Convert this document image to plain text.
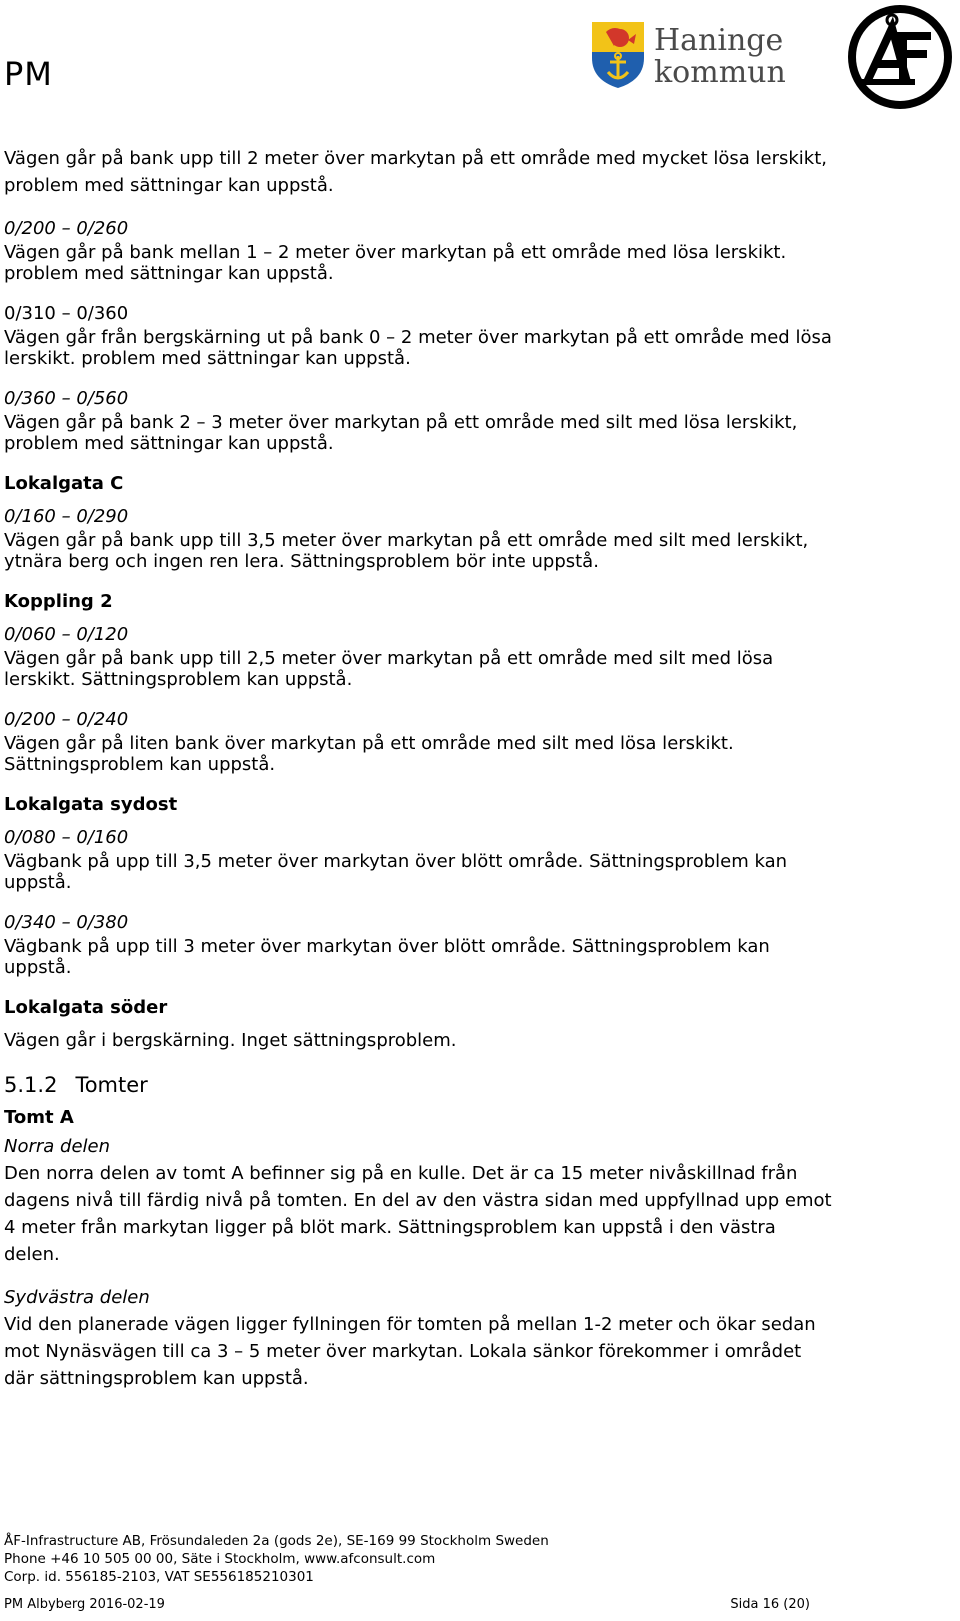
PM
Haninge
kommun

Vägen går på bank upp till 2 meter över markytan på ett område med mycket lösa lerskikt, problem med sättningar kan uppstå.

0/200 – 0/260
Vägen går på bank mellan 1 – 2 meter över markytan på ett område med lösa lerskikt. problem med sättningar kan uppstå.
0/310 – 0/360
Vägen går från bergskärning ut på bank 0 – 2 meter över markytan på ett område med lösa lerskikt. problem med sättningar kan uppstå.
0/360 – 0/560
Vägen går på bank 2 – 3 meter över markytan på ett område med silt med lösa lerskikt, problem med sättningar kan uppstå.
Lokalgata C
0/160 – 0/290
Vägen går på bank upp till 3,5 meter över markytan på ett område med silt med lerskikt, ytnära berg och ingen ren lera. Sättningsproblem bör inte uppstå.
Koppling 2
0/060 – 0/120
Vägen går på bank upp till 2,5 meter över markytan på ett område med silt med lösa lerskikt. Sättningsproblem kan uppstå.
0/200 – 0/240
Vägen går på liten bank över markytan på ett område med silt med lösa lerskikt. Sättningsproblem kan uppstå.
Lokalgata sydost
0/080 – 0/160
Vägbank på upp till 3,5 meter över markytan över blött område. Sättningsproblem kan uppstå.
0/340 – 0/380
Vägbank på upp till 3 meter över markytan över blött område. Sättningsproblem kan uppstå.
Lokalgata söder

Vägen går i bergskärning. Inget sättningsproblem.

5.1.2 Tomter
Tomt A
Norra delen

Den norra delen av tomt A befinner sig på en kulle. Det är ca 15 meter nivåskillnad från dagens nivå till färdig nivå på tomten. En del av den västra sidan med uppfyllnad upp emot 4 meter från markytan ligger på blöt mark. Sättningsproblem kan uppstå i den västra delen.

Sydvästra delen

Vid den planerade vägen ligger fyllningen för tomten på mellan 1-2 meter och ökar sedan mot Nynäsvägen till ca 3 – 5 meter över markytan. Lokala sänkor förekommer i området där sättningsproblem kan uppstå.

ÅF-Infrastructure AB, Frösundaleden 2a (gods 2e), SE-169 99 Stockholm Sweden
Phone +46 10 505 00 00, Säte i Stockholm, www.afconsult.com
Corp. id. 556185-2103, VAT SE556185210301
PM Albyberg 2016-02-19	Sida 16 (20)
